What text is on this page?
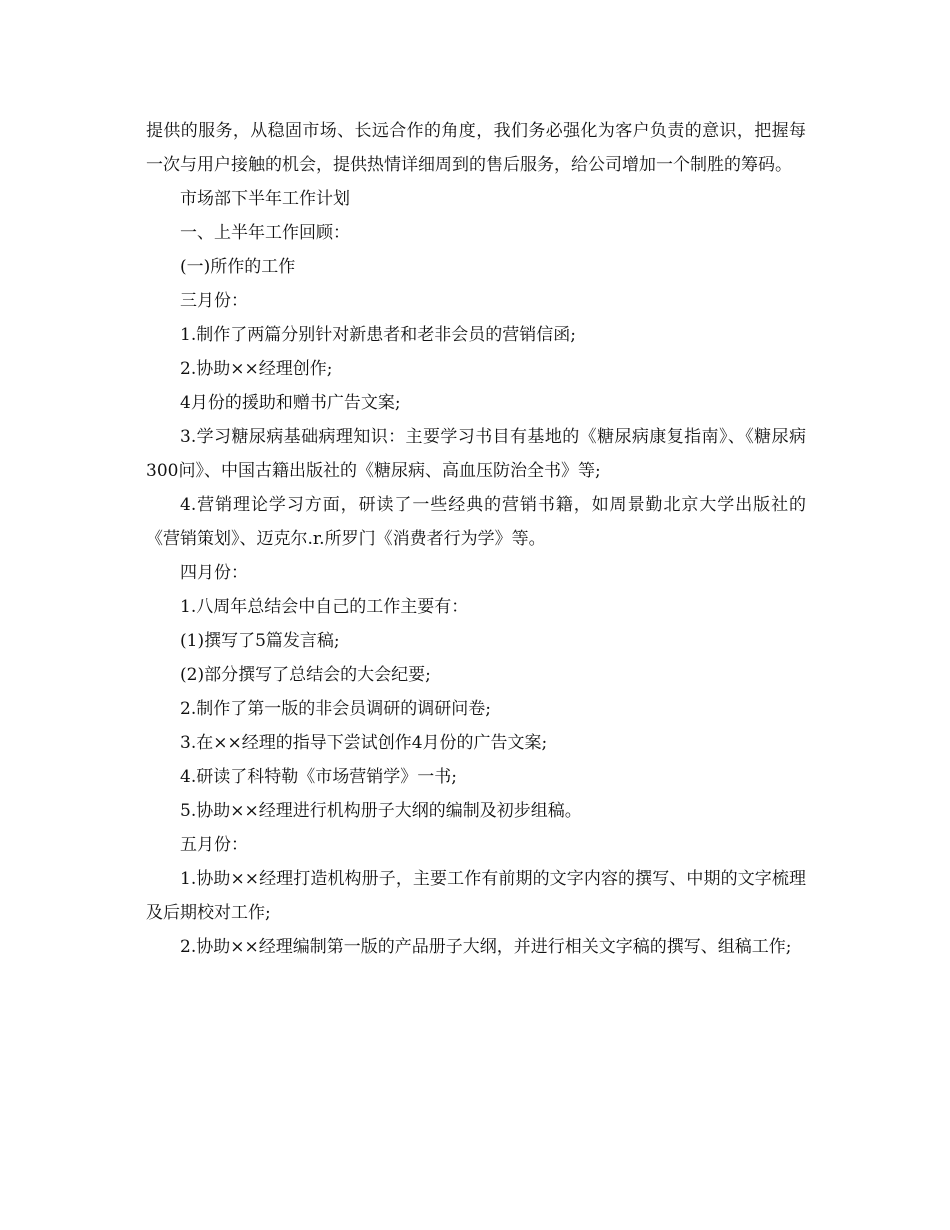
提供的服务，从稳固市场、长远合作的角度，我们务必强化为客户负责的意识，把握每一次与用户接触的机会，提供热情详细周到的售后服务，给公司增加一个制胜的筹码。

市场部下半年工作计划

一、上半年工作回顾：

(一)所作的工作

三月份：

1.制作了两篇分别针对新患者和老非会员的营销信函;

2.协助××经理创作;

4月份的援助和赠书广告文案;

3.学习糖尿病基础病理知识：主要学习书目有基地的《糖尿病康复指南》、《糖尿病300问》、中国古籍出版社的《糖尿病、高血压防治全书》等;

4.营销理论学习方面，研读了一些经典的营销书籍，如周景勤北京大学出版社的《营销策划》、迈克尔.r.所罗门《消费者行为学》等。

四月份：

1.八周年总结会中自己的工作主要有：

(1)撰写了5篇发言稿;

(2)部分撰写了总结会的大会纪要;

2.制作了第一版的非会员调研的调研问卷;

3.在××经理的指导下尝试创作4月份的广告文案;

4.研读了科特勒《市场营销学》一书;

5.协助××经理进行机构册子大纲的编制及初步组稿。

五月份：

1.协助××经理打造机构册子，主要工作有前期的文字内容的撰写、中期的文字梳理及后期校对工作;

2.协助××经理编制第一版的产品册子大纲，并进行相关文字稿的撰写、组稿工作;
